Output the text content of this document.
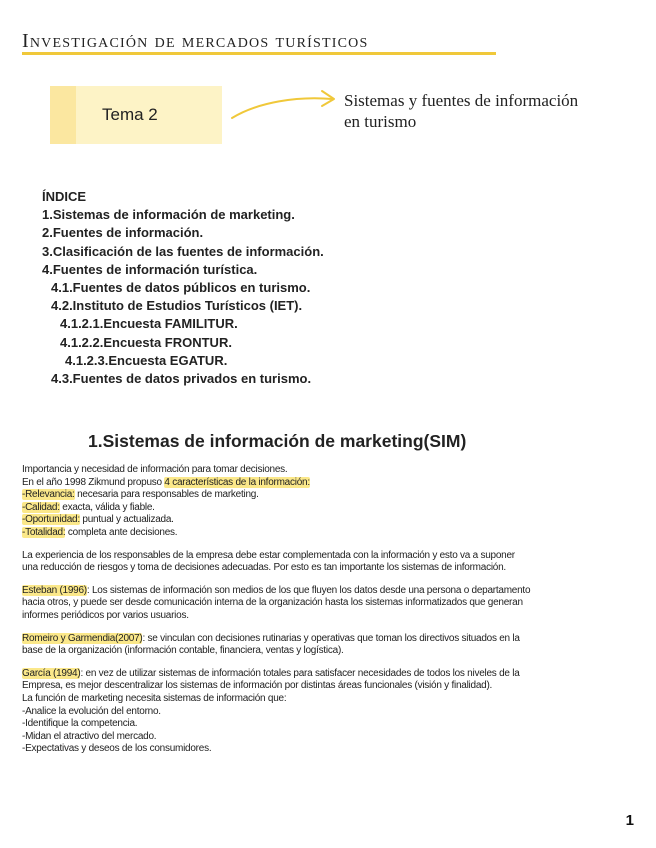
Investigación de mercados turísticos
Tema 2

Sistemas y fuentes de información
en turismo

ÍNDICE
1.Sistemas de información de marketing.
2.Fuentes de información.
3.Clasificación de las fuentes de información.
4.Fuentes de información turística.
4.1.Fuentes de datos públicos en turismo.
4.2.Instituto de Estudios Turísticos (IET).
4.1.2.1.Encuesta FAMILITUR.
4.1.2.2.Encuesta FRONTUR.
4.1.2.3.Encuesta EGATUR.
4.3.Fuentes de datos privados en turismo.
1.Sistemas de información de marketing(SIM)

Importancia y necesidad de información para tomar decisiones.
En el año 1998 Zikmund propuso 4 características de la información:
-Relevancia: necesaria para responsables de marketing.
-Calidad: exacta, válida y fiable.
-Oportunidad: puntual y actualizada.
-Totalidad: completa ante decisiones.

La experiencia de los responsables de la empresa debe estar complementada con la información y esto va a suponer
una reducción de riesgos y toma de decisiones adecuadas. Por esto es tan importante los sistemas de información.

Esteban (1996): Los sistemas de información son medios de los que fluyen los datos desde una persona o departamento
hacia otros, y puede ser desde comunicación interna de la organización hasta los sistemas informatizados que generan
informes periódicos por varios usuarios.

Romeiro y Garmendia(2007): se vinculan con decisiones rutinarias y operativas que toman los directivos situados en la
base de la organización (información contable, financiera, ventas y logística).

García (1994): en vez de utilizar sistemas de información totales para satisfacer necesidades de todos los niveles de la
Empresa, es mejor descentralizar los sistemas de información por distintas áreas funcionales (visión y finalidad).
La función de marketing necesita sistemas de información que:
-Analice la evolución del entorno.
-Identifique la competencia.
-Midan el atractivo del mercado.
-Expectativas y deseos de los consumidores.

1
